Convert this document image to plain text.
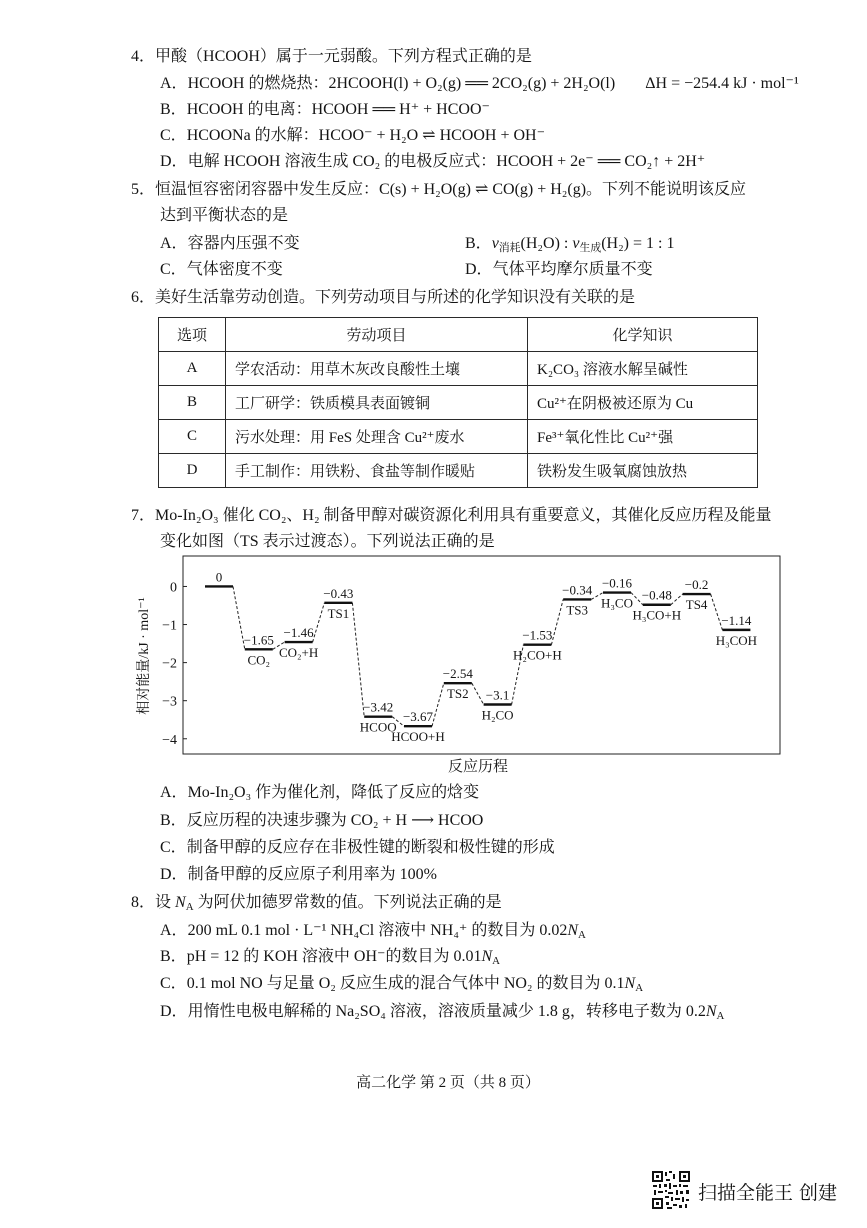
4．甲酸（HCOOH）属于一元弱酸。下列方程式正确的是
A．HCOOH 的燃烧热：2HCOOH(l) + O₂(g) ══ 2CO₂(g) + 2H₂O(l) ΔH = −254.4 kJ · mol⁻¹
B．HCOOH 的电离：HCOOH ══ H⁺ + HCOO⁻
C．HCOONa 的水解：HCOO⁻ + H₂O ⇌ HCOOH + OH⁻
D．电解 HCOOH 溶液生成 CO₂ 的电极反应式：HCOOH + 2e⁻ ══ CO₂↑ + 2H⁺
5．恒温恒容密闭容器中发生反应：C(s) + H₂O(g) ⇌ CO(g) + H₂(g)。下列不能说明该反应
达到平衡状态的是
A．容器内压强不变	B．$\nu_{消耗}(H_2O)$ : $\nu_{生成}(H_2) = 1$ : 1
C．气体密度不变	D．气体平均摩尔质量不变
6．美好生活靠劳动创造。下列劳动项目与所述的化学知识没有关联的是
选项	劳动项目	化学知识
A	学农活动：用草木灰改良酸性土壤	K₂CO₃ 溶液水解呈碱性
B	工厂研学：铁质模具表面镀铜	Cu²⁺在阴极被还原为 Cu
C	污水处理：用 FeS 处理含 Cu²⁺废水	Fe³⁺氧化性比 Cu²⁺强
D	手工制作：用铁粉、食盐等制作暖贴	铁粉发生吸氧腐蚀放热
7．Mo-In₂O₃ 催化 CO₂、H₂ 制备甲醇对碳资源化利用具有重要意义，其催化反应历程及能量
变化如图（TS 表示过渡态）。下列说法正确的是
相对能量/kJ · mol⁻¹
0
−1
−2
−3
−4
0
−1.65
CO₂
−1.46
CO₂+H
−0.43
TS1
−3.42
HCOO
−3.67
HCOO+H
−2.54
TS2 −3.1
H₂CO
−1.53
H₂CO+H
−0.34
TS3
−0.16
H₃CO
−0.48
H₃CO+H
−0.2
TS4
−1.14
H₃COH
反应历程
A．Mo-In₂O₃ 作为催化剂，降低了反应的焓变
B．反应历程的决速步骤为 CO₂ + H ⟶ HCOO
C．制备甲醇的反应存在非极性键的断裂和极性键的形成
D．制备甲醇的反应原子利用率为 100%
8．设 $N_A$ 为阿伏加德罗常数的值。下列说法正确的是
A．200 mL 0.1 mol · L⁻¹ NH₄Cl 溶液中 NH₄⁺ 的数目为 $0.02N_A$
B．pH = 12 的 KOH 溶液中 OH⁻的数目为 $0.01N_A$
C．0.1 mol NO 与足量 O₂ 反应生成的混合气体中 NO₂ 的数目为 $0.1N_A$
D．用惰性电极电解稀的 Na₂SO₄ 溶液，溶液质量减少 1.8 g，转移电子数为 $0.2N_A$
高二化学 第 2 页（共 8 页）
扫描全能王 创建
